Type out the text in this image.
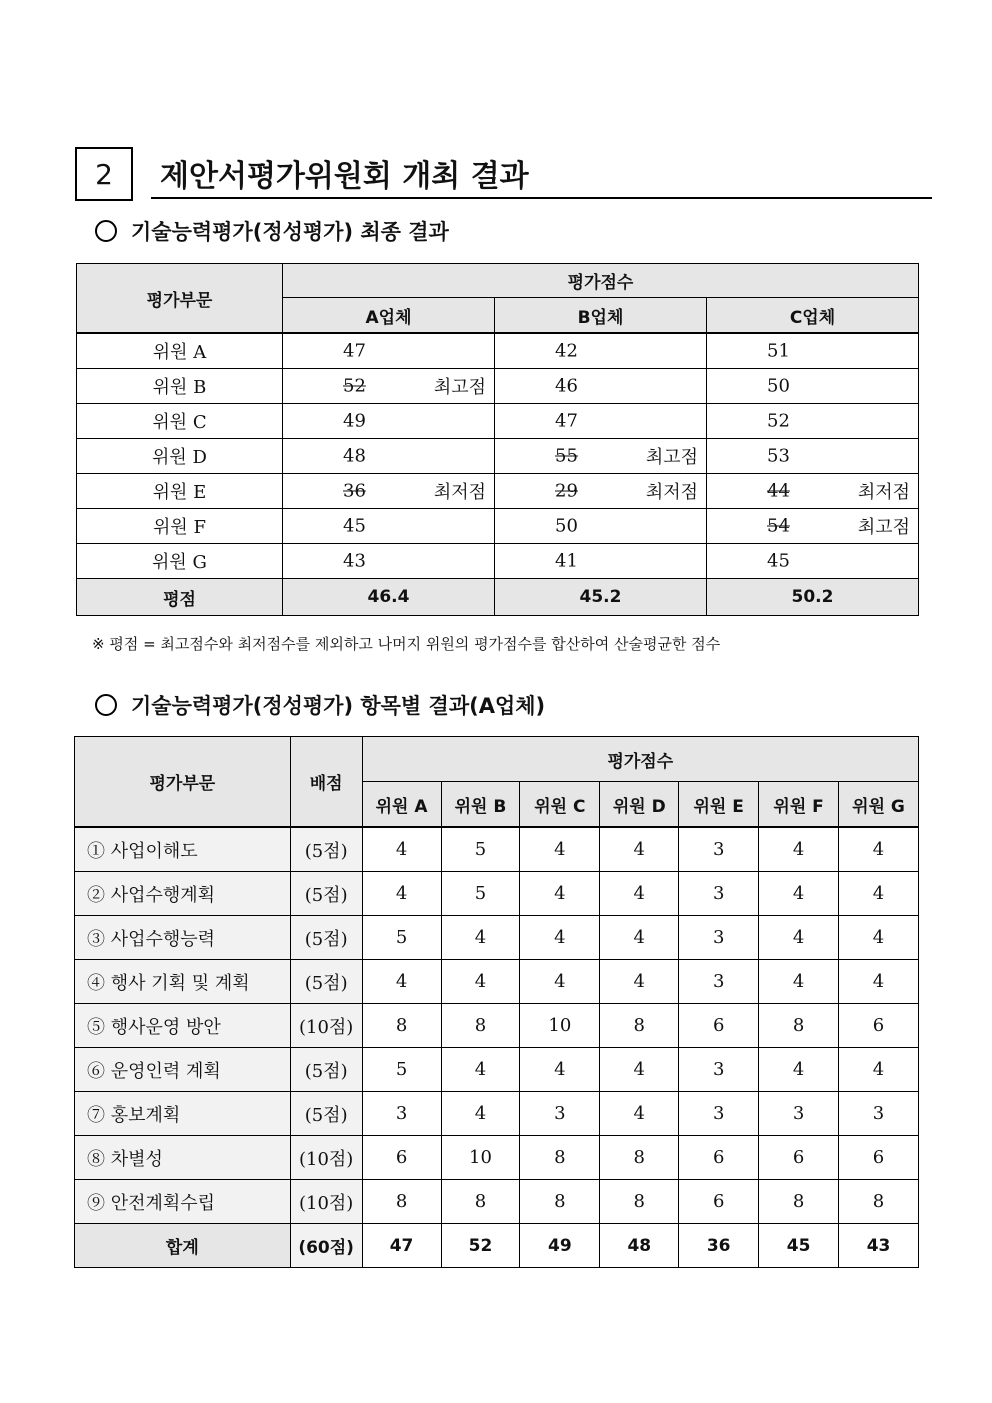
2	제안서평가위원회 개최 결과
기술능력평가(정성평가) 최종 결과
평가부문	평가점수		
	A업체	B업체	C업체
위원 A	47	42	51

위원 B	52 최고점	46	50

위원 C	49	47	52

위원 D	48	55 최고점	53

위원 E	36 최저점	29 최저점	44 최저점

위원 F	45	50	54 최고점

위원 G	43	41	45

평점	46.4	45.2	50.2
※ 평점 = 최고점수와 최저점수를 제외하고 나머지 위원의 평가점수를 합산하여 산술평균한 점수
기술능력평가(정성평가) 항목별 결과(A업체)
평가부문	배점	평가점수						
		위원 A	위원 B	위원 C	위원 D	위원 E	위원 F	위원 G
① 사업이해도	(5점)	4	5	4	4	3	4	4
② 사업수행계획	(5점)	4	5	4	4	3	4	4
③ 사업수행능력	(5점)	5	4	4	4	3	4	4
④ 행사 기획 및 계획	(5점)	4	4	4	4	3	4	4
⑤ 행사운영 방안	(10점)	8	8	10	8	6	8	6
⑥ 운영인력 계획	(5점)	5	4	4	4	3	4	4
⑦ 홍보계획	(5점)	3	4	3	4	3	3	3
⑧ 차별성	(10점)	6	10	8	8	6	6	6
⑨ 안전계획수립	(10점)	8	8	8	8	6	8	8
합계	(60점)	47	52	49	48	36	45	43
